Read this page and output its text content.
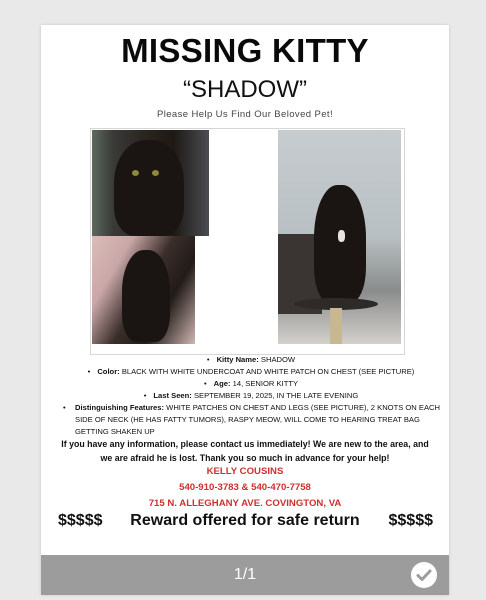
MISSING KITTY
“SHADOW”
Please Help Us Find Our Beloved Pet!
• Kitty Name: SHADOW
• Color: BLACK WITH WHITE UNDERCOAT AND WHITE PATCH ON CHEST (SEE PICTURE)
• Age: 14, SENIOR KITTY
• Last Seen: SEPTEMBER 19, 2025, IN THE LATE EVENING
• Distinguishing Features: WHITE PATCHES ON CHEST AND LEGS (SEE PICTURE), 2 KNOTS ON EACH SIDE OF NECK (HE HAS FATTY TUMORS), RASPY MEOW, WILL COME TO HEARING TREAT BAG GETTING SHAKEN UP
If you have any information, please contact us immediately! We are new to the area, and
we are afraid he is lost. Thank you so much in advance for your help!
KELLY COUSINS
540-910-3783 & 540-470-7758
715 N. ALLEGHANY AVE. COVINGTON, VA
Reward offered for safe return
$$$$$	$$$$$
1/1
